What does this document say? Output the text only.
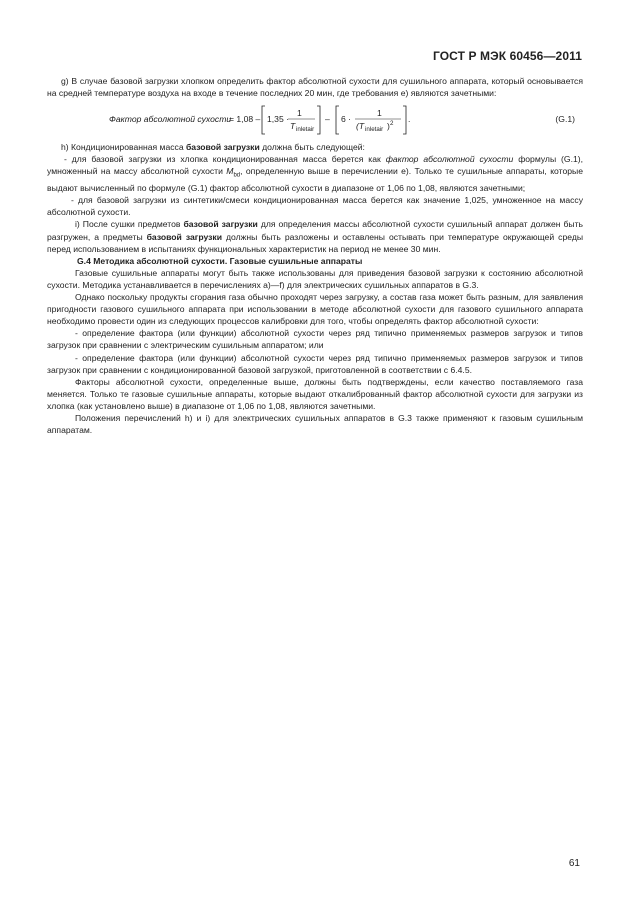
ГОСТ Р МЭК 60456—2011

g) В случае базовой загрузки хлопком определить фактор абсолютной сухости для сушильного аппарата, который основывается на средней температуре воздуха на входе в течение последних 20 мин, где требования е) являются зачетными:

1,35 ·
1
T inletair
– 6 ·
1
(T inletair ) 2 .
Фактор абсолютной сухости
= 1,08 –	(G.1)

h) Кондиционированная масса базовой загрузки должна быть следующей:

- для базовой загрузки из хлопка кондиционированная масса берется как фактор абсолютной сухости формулы (G.1), умноженный на массу абсолютной сухости $M_{bd}$, определенную выше в перечислении е). Только те сушильные аппараты, которые выдают вычисленный по формуле (G.1) фактор абсолютной сухости в диапазоне от 1,06 по 1,08, являются зачетными;

- для базовой загрузки из синтетики/смеси кондиционированная масса берется как значение 1,025, умноженное на массу абсолютной сухости.

i) После сушки предметов базовой загрузки для определения массы абсолютной сухости сушильный аппарат должен быть разгружен, а предметы базовой загрузки должны быть разложены и оставлены остывать при температуре окружающей среды перед использованием в испытаниях функциональных характеристик на период не менее 30 мин.

G.4 Методика абсолютной сухости. Газовые сушильные аппараты

Газовые сушильные аппараты могут быть также использованы для приведения базовой загрузки к состоянию абсолютной сухости. Методика устанавливается в перечислениях а)—f) для электрических сушильных аппаратов в G.3.

Однако поскольку продукты сгорания газа обычно проходят через загрузку, а состав газа может быть разным, для заявления пригодности газового сушильного аппарата при использовании в методе абсолютной сухости для газового сушильного аппарата необходимо провести один из следующих процессов калибровки для того, чтобы определять фактор абсолютной сухости:

- определение фактора (или функции) абсолютной сухости через ряд типично применяемых размеров загрузок и типов загрузок при сравнении с электрическим сушильным аппаратом; или

- определение фактора (или функции) абсолютной сухости через ряд типично применяемых размеров загрузок и типов загрузок при сравнении с кондиционированной базовой загрузкой, приготовленной в соответствии с 6.4.5.

Факторы абсолютной сухости, определенные выше, должны быть подтверждены, если качество поставляемого газа меняется. Только те газовые сушильные аппараты, которые выдают откалиброванный фактор абсолютной сухости для загрузки из хлопка (как установлено выше) в диапазоне от 1,06 по 1,08, являются зачетными.

Положения перечислений h) и i) для электрических сушильных аппаратов в G.3 также применяют к газовым сушильным аппаратам.

61
